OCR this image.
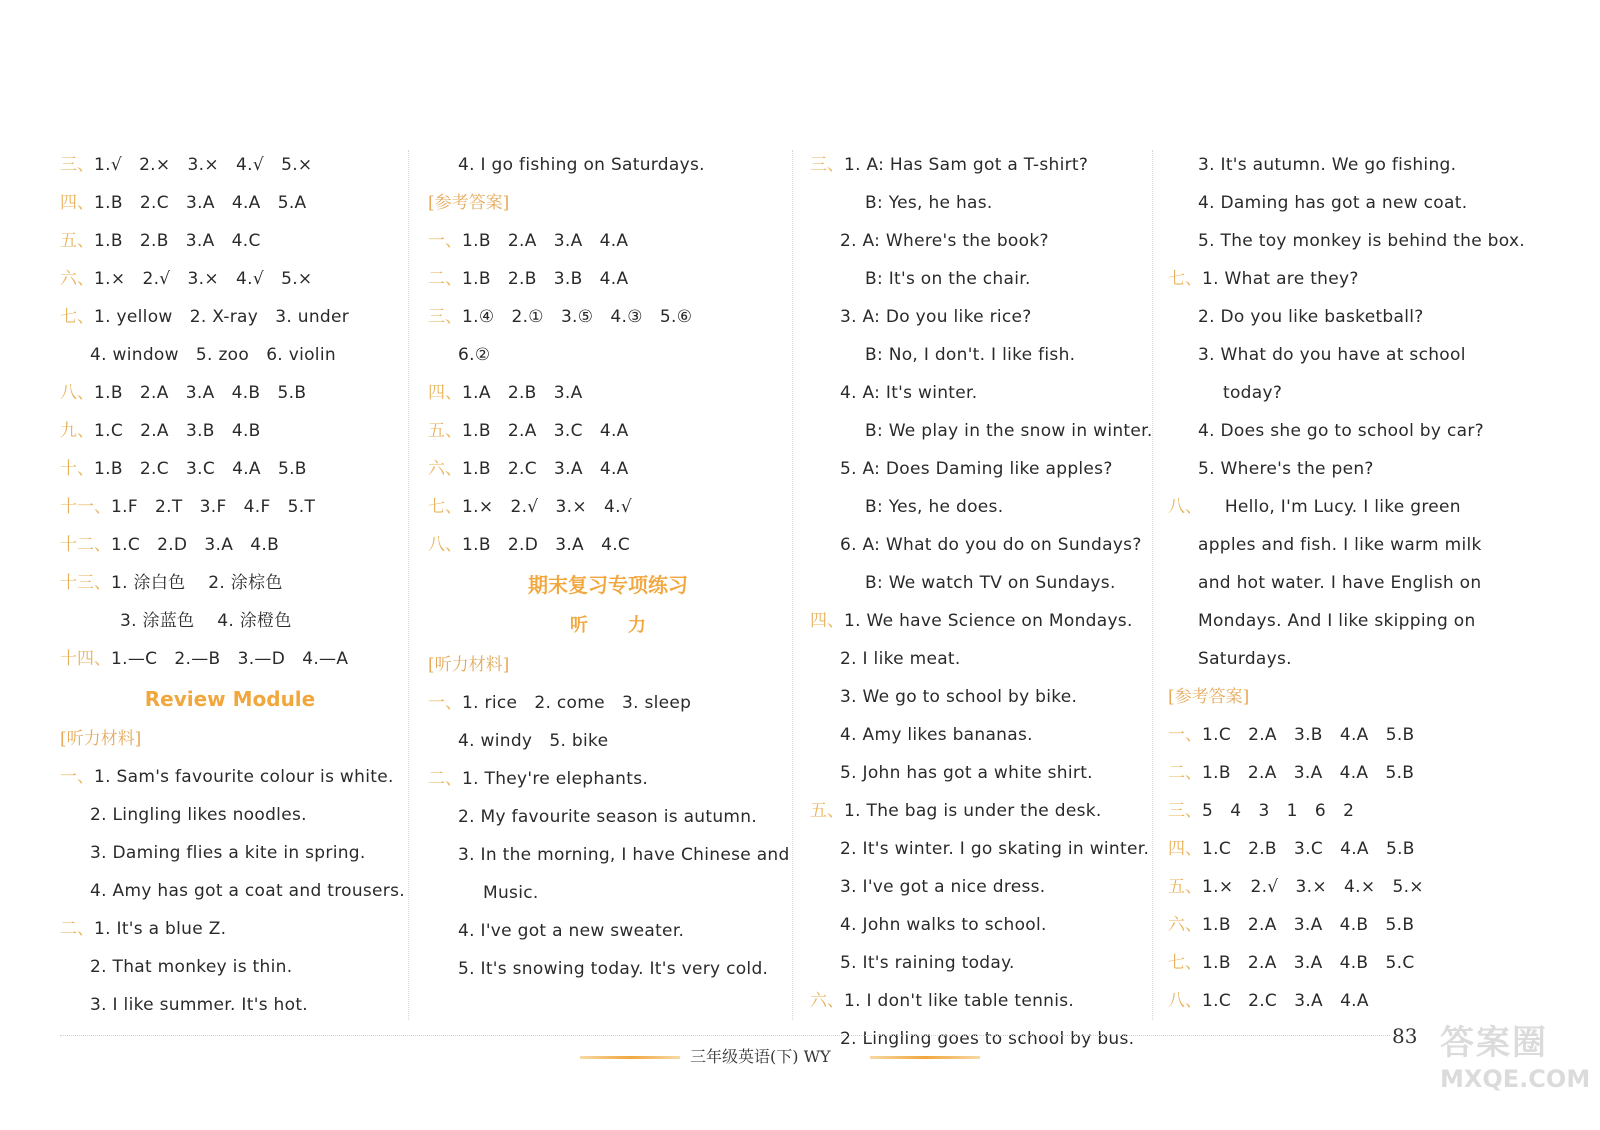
三、1.√   2.×   3.×   4.√   5.×
四、1.B   2.C   3.A   4.A   5.A
五、1.B   2.B   3.A   4.C
六、1.×   2.√   3.×   4.√   5.×
七、1. yellow   2. X-ray   3. under
4. window   5. zoo   6. violin
八、1.B   2.A   3.A   4.B   5.B
九、1.C   2.A   3.B   4.B
十、1.B   2.C   3.C   4.A   5.B
十一、1.F   2.T   3.F   4.F   5.T
十二、1.C   2.D   3.A   4.B
十三、1. 涂白色    2. 涂棕色
3. 涂蓝色    4. 涂橙色
十四、1.—C   2.—B   3.—D   4.—A
Review Module
[听力材料]
一、1. Sam's favourite colour is white.
2. Lingling likes noodles.
3. Daming flies a kite in spring.
4. Amy has got a coat and trousers.
二、1. It's a blue Z.
2. That monkey is thin.
3. I like summer. It's hot.
4. I go fishing on Saturdays.
[参考答案]
一、1.B   2.A   3.A   4.A
二、1.B   2.B   3.B   4.A
三、1.④   2.①   3.⑤   4.③   5.⑥
6.②
四、1.A   2.B   3.A
五、1.B   2.A   3.C   4.A
六、1.B   2.C   3.A   4.A
七、1.×   2.√   3.×   4.√
八、1.B   2.D   3.A   4.C
期末复习专项练习
听力
[听力材料]
一、1. rice   2. come   3. sleep
4. windy   5. bike
二、1. They're elephants.
2. My favourite season is autumn.
3. In the morning, I have Chinese and
Music.
4. I've got a new sweater.
5. It's snowing today. It's very cold.
三、1. A: Has Sam got a T-shirt?
B: Yes, he has.
2. A: Where's the book?
B: It's on the chair.
3. A: Do you like rice?
B: No, I don't. I like fish.
4. A: It's winter.
B: We play in the snow in winter.
5. A: Does Daming like apples?
B: Yes, he does.
6. A: What do you do on Sundays?
B: We watch TV on Sundays.
四、1. We have Science on Mondays.
2. I like meat.
3. We go to school by bike.
4. Amy likes bananas.
5. John has got a white shirt.
五、1. The bag is under the desk.
2. It's winter. I go skating in winter.
3. I've got a nice dress.
4. John walks to school.
5. It's raining today.
六、1. I don't like table tennis.
2. Lingling goes to school by bus.
3. It's autumn. We go fishing.
4. Daming has got a new coat.
5. The toy monkey is behind the box.
七、1. What are they?
2. Do you like basketball?
3. What do you have at school
today?
4. Does she go to school by car?
5. Where's the pen?
八、    Hello, I'm Lucy. I like green
apples and fish. I like warm milk
and hot water. I have English on
Mondays. And I like skipping on
Saturdays.
[参考答案]
一、1.C   2.A   3.B   4.A   5.B
二、1.B   2.A   3.A   4.A   5.B
三、5   4   3   1   6   2
四、1.C   2.B   3.C   4.A   5.B
五、1.×   2.√   3.×   4.×   5.×
六、1.B   2.A   3.A   4.B   5.B
七、1.B   2.A   3.A   4.B   5.C
八、1.C   2.C   3.A   4.A
83
三年级英语(下) WY	答案圈
MXQE.COM
